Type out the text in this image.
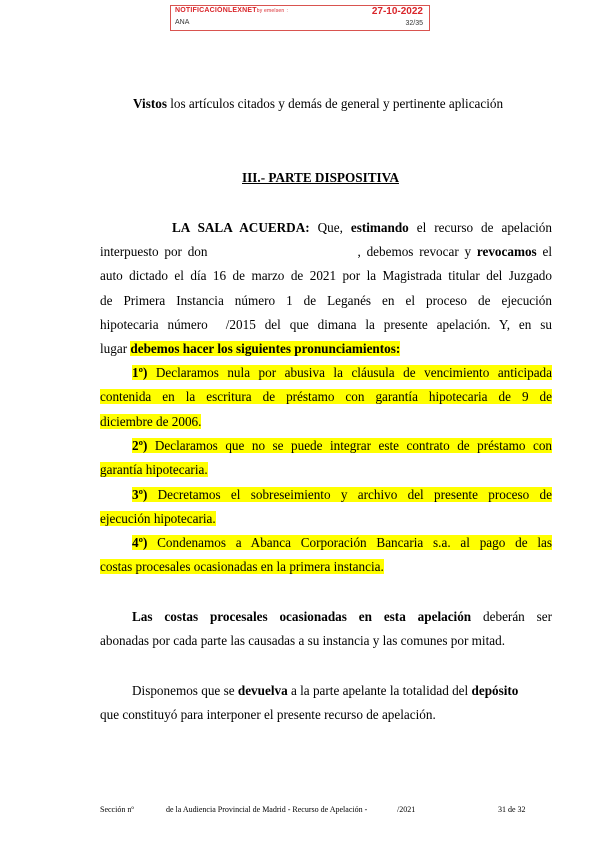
NOTIFICACIÓNLEXNETby emelsen :	27-10-2022
ANA	32/35
Vistos los artículos citados y demás de general y pertinente aplicación
III.- PARTE DISPOSITIVA
LA SALA ACUERDA: Que, estimando el recurso de apelación
interpuesto por don	, debemos revocar y revocamos el
auto dictado el día 16 de marzo de 2021 por la Magistrada titular del Juzgado
de Primera Instancia número 1 de Leganés en el proceso de ejecución
hipotecaria número /2015 del que dimana la presente apelación. Y, en su
lugar debemos hacer los siguientes pronunciamientos:
1º) Declaramos nula por abusiva la cláusula de vencimiento anticipada
contenida en la escritura de préstamo con garantía hipotecaria de 9 de
diciembre de 2006.
2º) Declaramos que no se puede integrar este contrato de préstamo con
garantía hipotecaria.
3º) Decretamos el sobreseimiento y archivo del presente proceso de
ejecución hipotecaria.
4º) Condenamos a Abanca Corporación Bancaria s.a. al pago de las
costas procesales ocasionadas en la primera instancia.
Las costas procesales ocasionadas en esta apelación deberán ser
abonadas por cada parte las causadas a su instancia y las comunes por mitad.
Disponemos que se devuelva a la parte apelante la totalidad del depósito
que constituyó para interponer el presente recurso de apelación.
Sección nº	de la Audiencia Provincial de Madrid - Recurso de Apelación -	/2021	31 de 32
